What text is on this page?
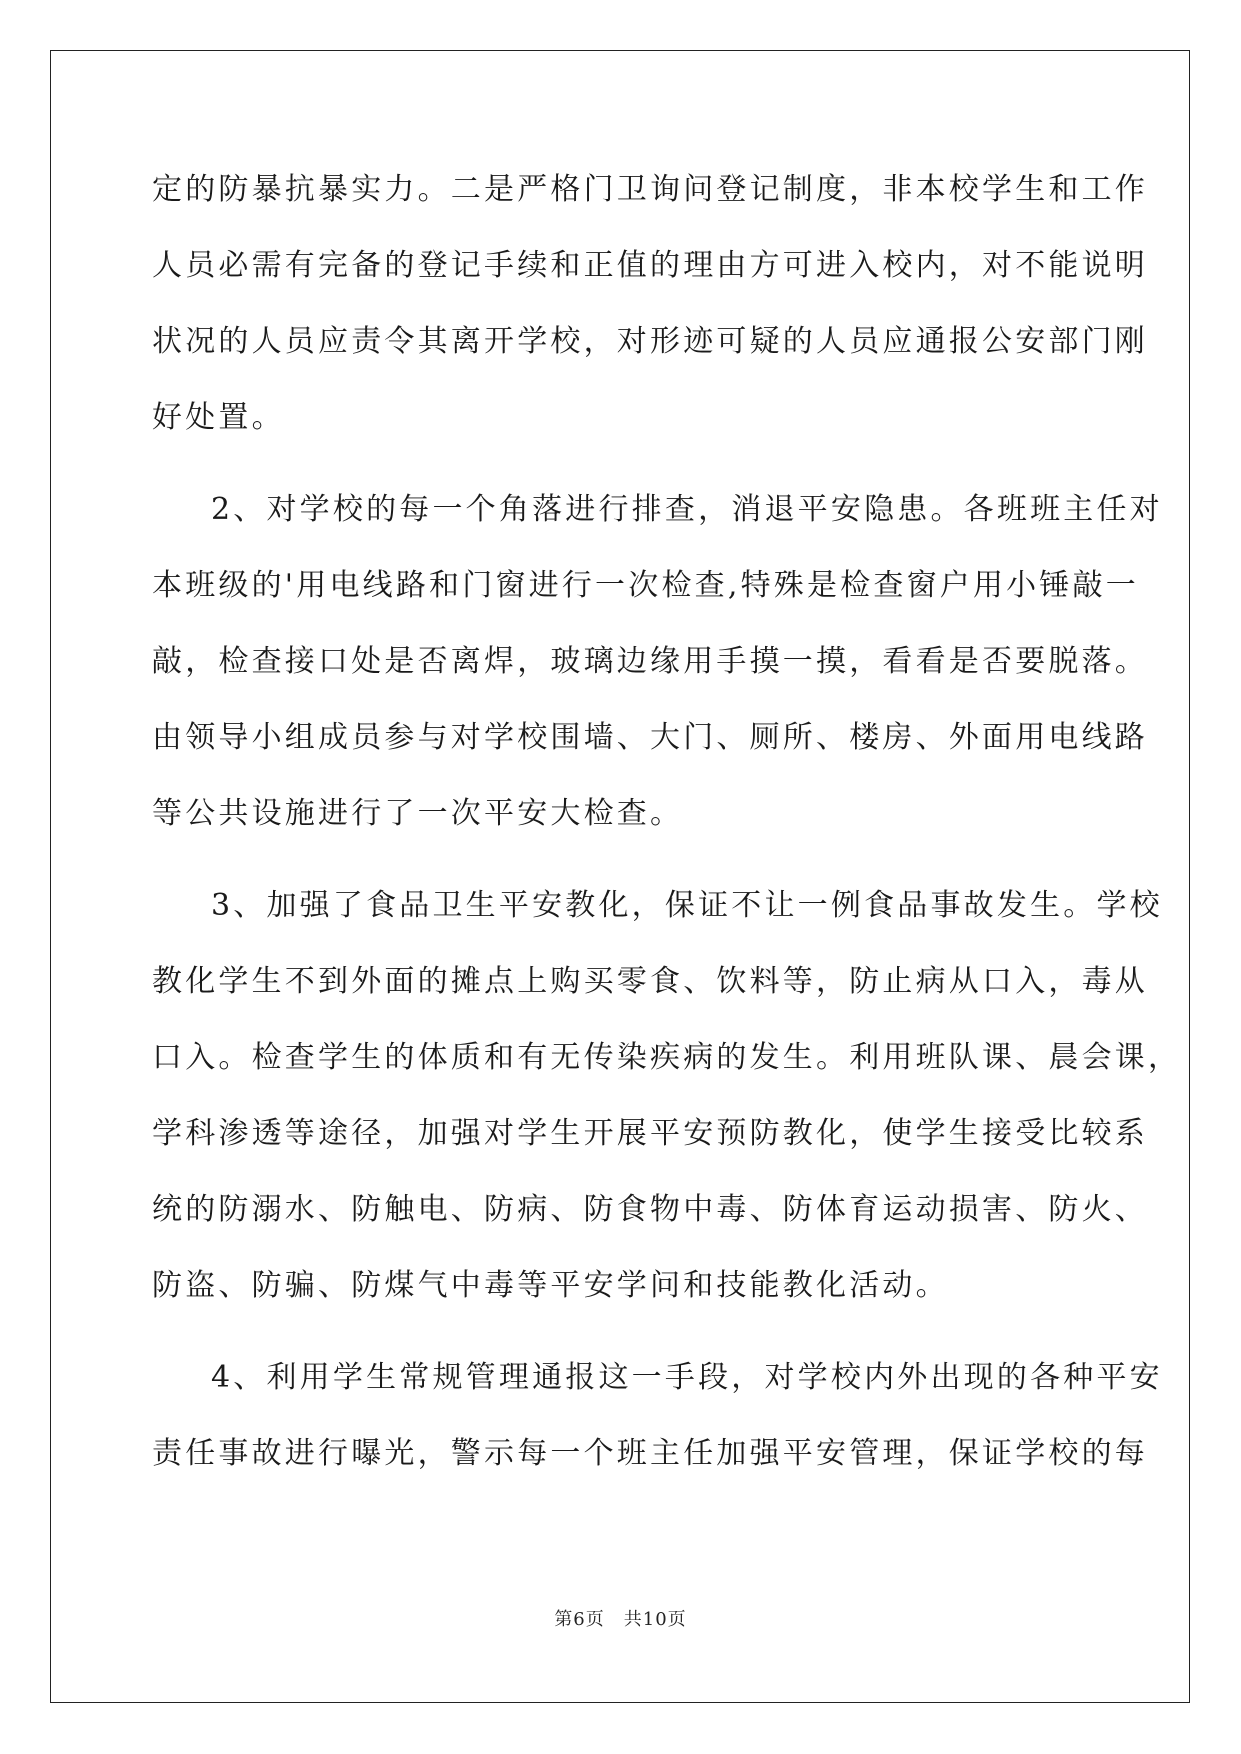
定的防暴抗暴实力。二是严格门卫询问登记制度，非本校学生和工作
人员必需有完备的登记手续和正值的理由方可进入校内，对不能说明
状况的人员应责令其离开学校，对形迹可疑的人员应通报公安部门刚
好处置。
2、对学校的每一个角落进行排查，消退平安隐患。各班班主任对
本班级的'用电线路和门窗进行一次检查,特殊是检查窗户用小锤敲一
敲，检查接口处是否离焊，玻璃边缘用手摸一摸，看看是否要脱落。
由领导小组成员参与对学校围墙、大门、厕所、楼房、外面用电线路
等公共设施进行了一次平安大检查。
3、加强了食品卫生平安教化，保证不让一例食品事故发生。学校
教化学生不到外面的摊点上购买零食、饮料等，防止病从口入，毒从
口入。检查学生的体质和有无传染疾病的发生。利用班队课、晨会课，
学科渗透等途径，加强对学生开展平安预防教化，使学生接受比较系
统的防溺水、防触电、防病、防食物中毒、防体育运动损害、防火、
防盗、防骗、防煤气中毒等平安学问和技能教化活动。
4、利用学生常规管理通报这一手段，对学校内外出现的各种平安
责任事故进行曝光，警示每一个班主任加强平安管理，保证学校的每
第6页　共10页
